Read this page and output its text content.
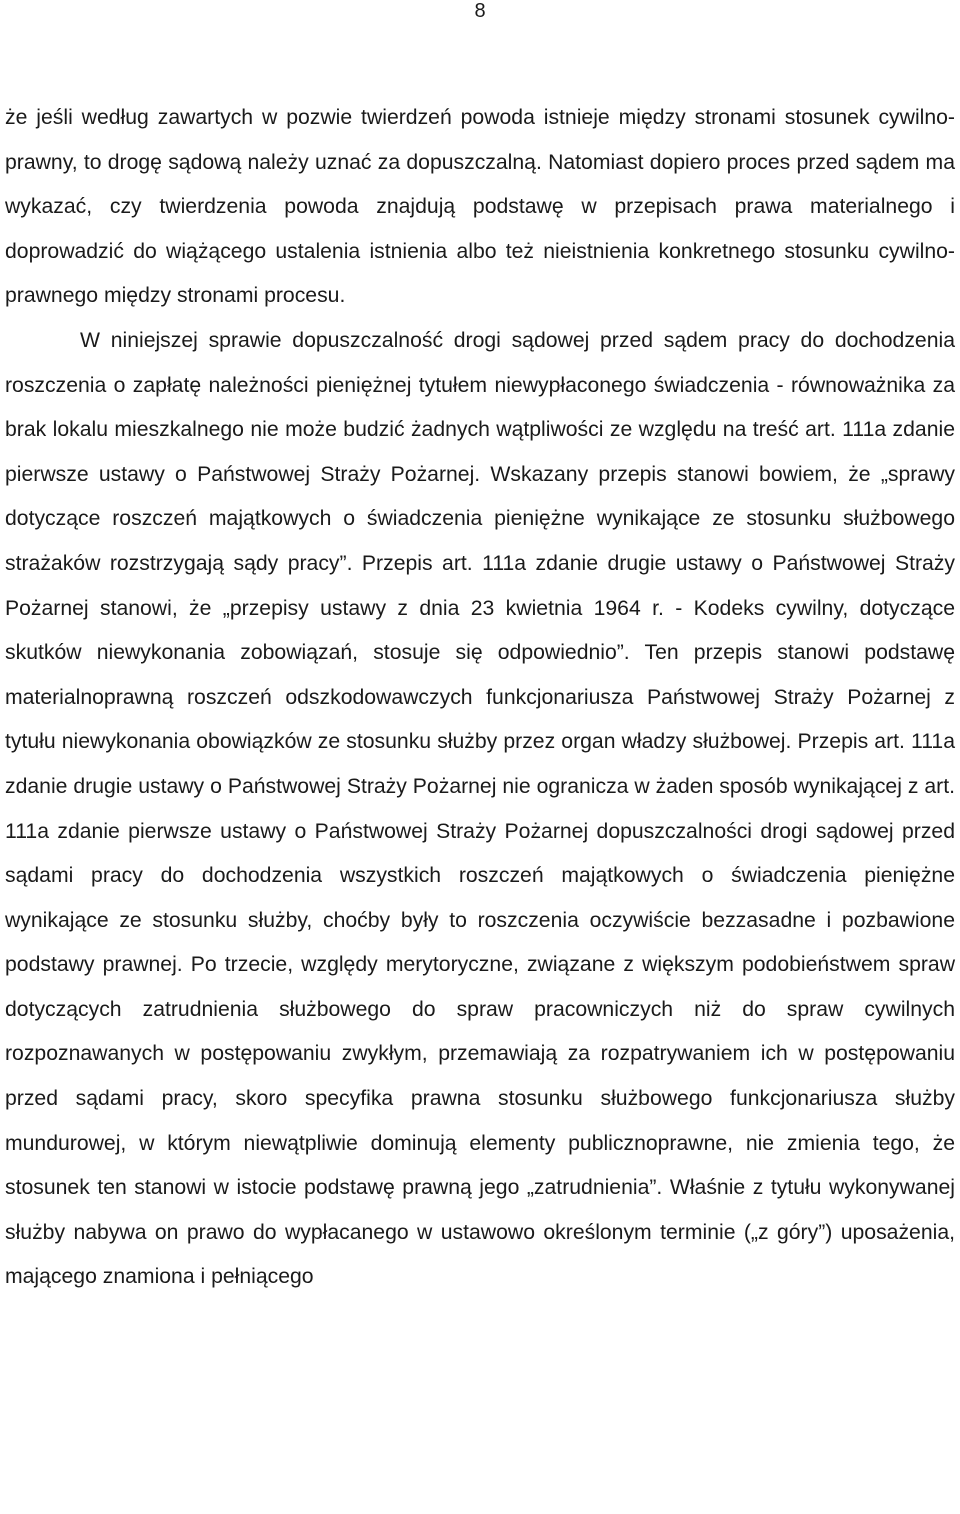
8

że jeśli według zawartych w pozwie twierdzeń powoda istnieje między stronami stosunek cywilno-prawny, to drogę sądową należy uznać za dopuszczalną. Natomiast dopiero proces przed sądem ma wykazać, czy twierdzenia powoda znajdują podstawę w przepisach prawa materialnego i doprowadzić do wiążącego ustalenia istnienia albo też nieistnienia konkretnego stosunku cywilno-prawnego między stronami procesu.

W niniejszej sprawie dopuszczalność drogi sądowej przed sądem pracy do dochodzenia roszczenia o zapłatę należności pieniężnej tytułem niewypłaconego świadczenia - równoważnika za brak lokalu mieszkalnego nie może budzić żadnych wątpliwości ze względu na treść art. 111a zdanie pierwsze ustawy o Państwowej Straży Pożarnej. Wskazany przepis stanowi bowiem, że „sprawy dotyczące roszczeń majątkowych o świadczenia pieniężne wynikające ze stosunku służbowego strażaków rozstrzygają sądy pracy”. Przepis art. 111a zdanie drugie ustawy o Państwowej Straży Pożarnej stanowi, że „przepisy ustawy z dnia 23 kwietnia 1964 r. - Kodeks cywilny, dotyczące skutków niewykonania zobowiązań, stosuje się odpowiednio”. Ten przepis stanowi podstawę materialnoprawną roszczeń odszkodowawczych funkcjonariusza Państwowej Straży Pożarnej z tytułu niewykonania obowiązków ze stosunku służby przez organ władzy służbowej. Przepis art. 111a zdanie drugie ustawy o Państwowej Straży Pożarnej nie ogranicza w żaden sposób wynikającej z art. 111a zdanie pierwsze ustawy o Państwowej Straży Pożarnej dopuszczalności drogi sądowej przed sądami pracy do dochodzenia wszystkich roszczeń majątkowych o świadczenia pieniężne wynikające ze stosunku służby, choćby były to roszczenia oczywiście bezzasadne i pozbawione podstawy prawnej. Po trzecie, względy merytoryczne, związane z większym podobieństwem spraw dotyczących zatrudnienia służbowego do spraw pracowniczych niż do spraw cywilnych rozpoznawanych w postępowaniu zwykłym, przemawiają za rozpatrywaniem ich w postępowaniu przed sądami pracy, skoro specyfika prawna stosunku służbowego funkcjonariusza służby mundurowej, w którym niewątpliwie dominują elementy publicznoprawne, nie zmienia tego, że stosunek ten stanowi w istocie podstawę prawną jego „zatrudnienia”. Właśnie z tytułu wykonywanej służby nabywa on prawo do wypłacanego w ustawowo określonym terminie („z góry”) uposażenia, mającego znamiona i pełniącego
